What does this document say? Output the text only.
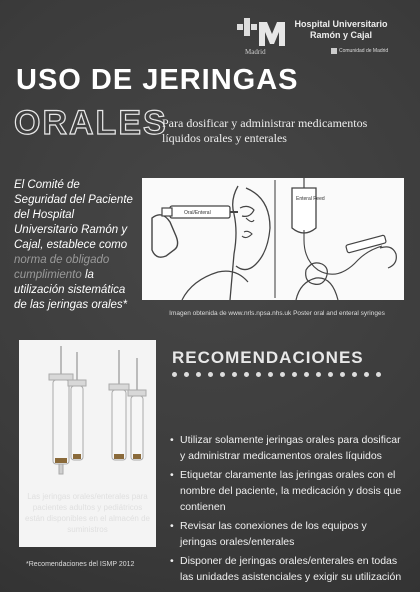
Madrid
Hospital Universitario
Ramón y Cajal
Comunidad de Madrid
USO DE JERINGAS
ORALES
Para dosificar y administrar medicamentos líquidos orales y enterales

El Comité de Seguridad del Paciente del Hospital Universitario Ramón y Cajal, establece como norma de obligado cumplimiento la utilización sistemática de las jeringas orales*

Oral/Enteral
Enteral Feed
Imagen obtenida de www.nrls.npsa.nhs.uk Poster oral and enteral syringes
Las jeringas orales/enterales para pacientes adultos y pediátricos están disponibles en el almacén de suministros
RECOMENDACIONES
• Utilizar solamente jeringas orales para dosificar y administrar medicamentos orales líquidos
• Etiquetar claramente las jeringas orales con el nombre del paciente, la medicación y dosis que contienen
• Revisar las conexiones de los equipos y jeringas orales/enterales
• Disponer de jeringas orales/enterales en todas las unidades asistenciales y exigir su utilización
*Recomendaciones del ISMP 2012
